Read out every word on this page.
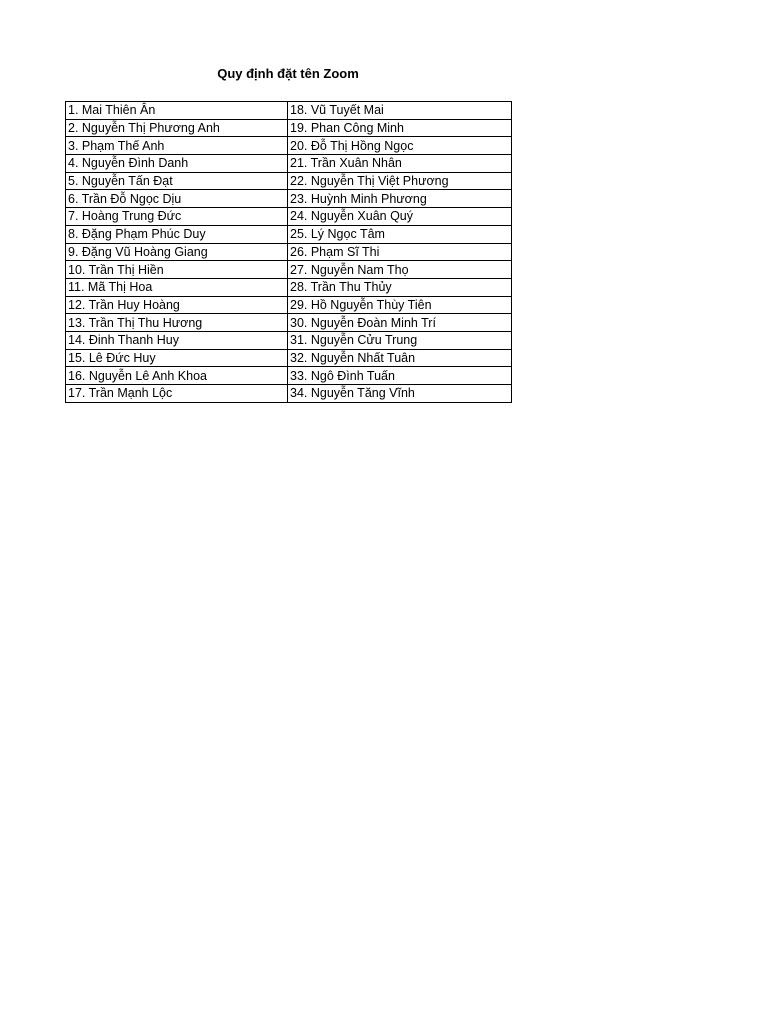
Quy định đặt tên Zoom
1. Mai Thiên Ân	18. Vũ Tuyết Mai
2. Nguyễn Thị Phương Anh	19. Phan Công Minh
3. Phạm Thế Anh	20. Đỗ Thị Hồng Ngọc
4. Nguyễn Đình Danh	21. Trần Xuân Nhân
5. Nguyễn Tấn Đạt	22. Nguyễn Thị Việt Phương
6. Trần Đỗ Ngọc Dịu	23. Huỳnh Minh Phương
7. Hoàng Trung Đức	24. Nguyễn Xuân Quý
8. Đặng Phạm Phúc Duy	25. Lý Ngọc Tâm
9. Đặng Vũ Hoàng Giang	26. Phạm Sĩ Thi
10. Trần Thị Hiền	27. Nguyễn Nam Thọ
11. Mã Thị Hoa	28. Trần Thu Thủy
12. Trần Huy Hoàng	29. Hồ Nguyễn Thùy Tiên
13. Trần Thị Thu Hương	30. Nguyễn Đoàn Minh Trí
14. Đinh Thanh Huy	31. Nguyễn Cửu Trung
15. Lê Đức Huy	32. Nguyễn Nhất Tuân
16. Nguyễn Lê Anh Khoa	33. Ngô Đình Tuấn
17. Trần Mạnh Lộc	34. Nguyễn Tăng Vĩnh
